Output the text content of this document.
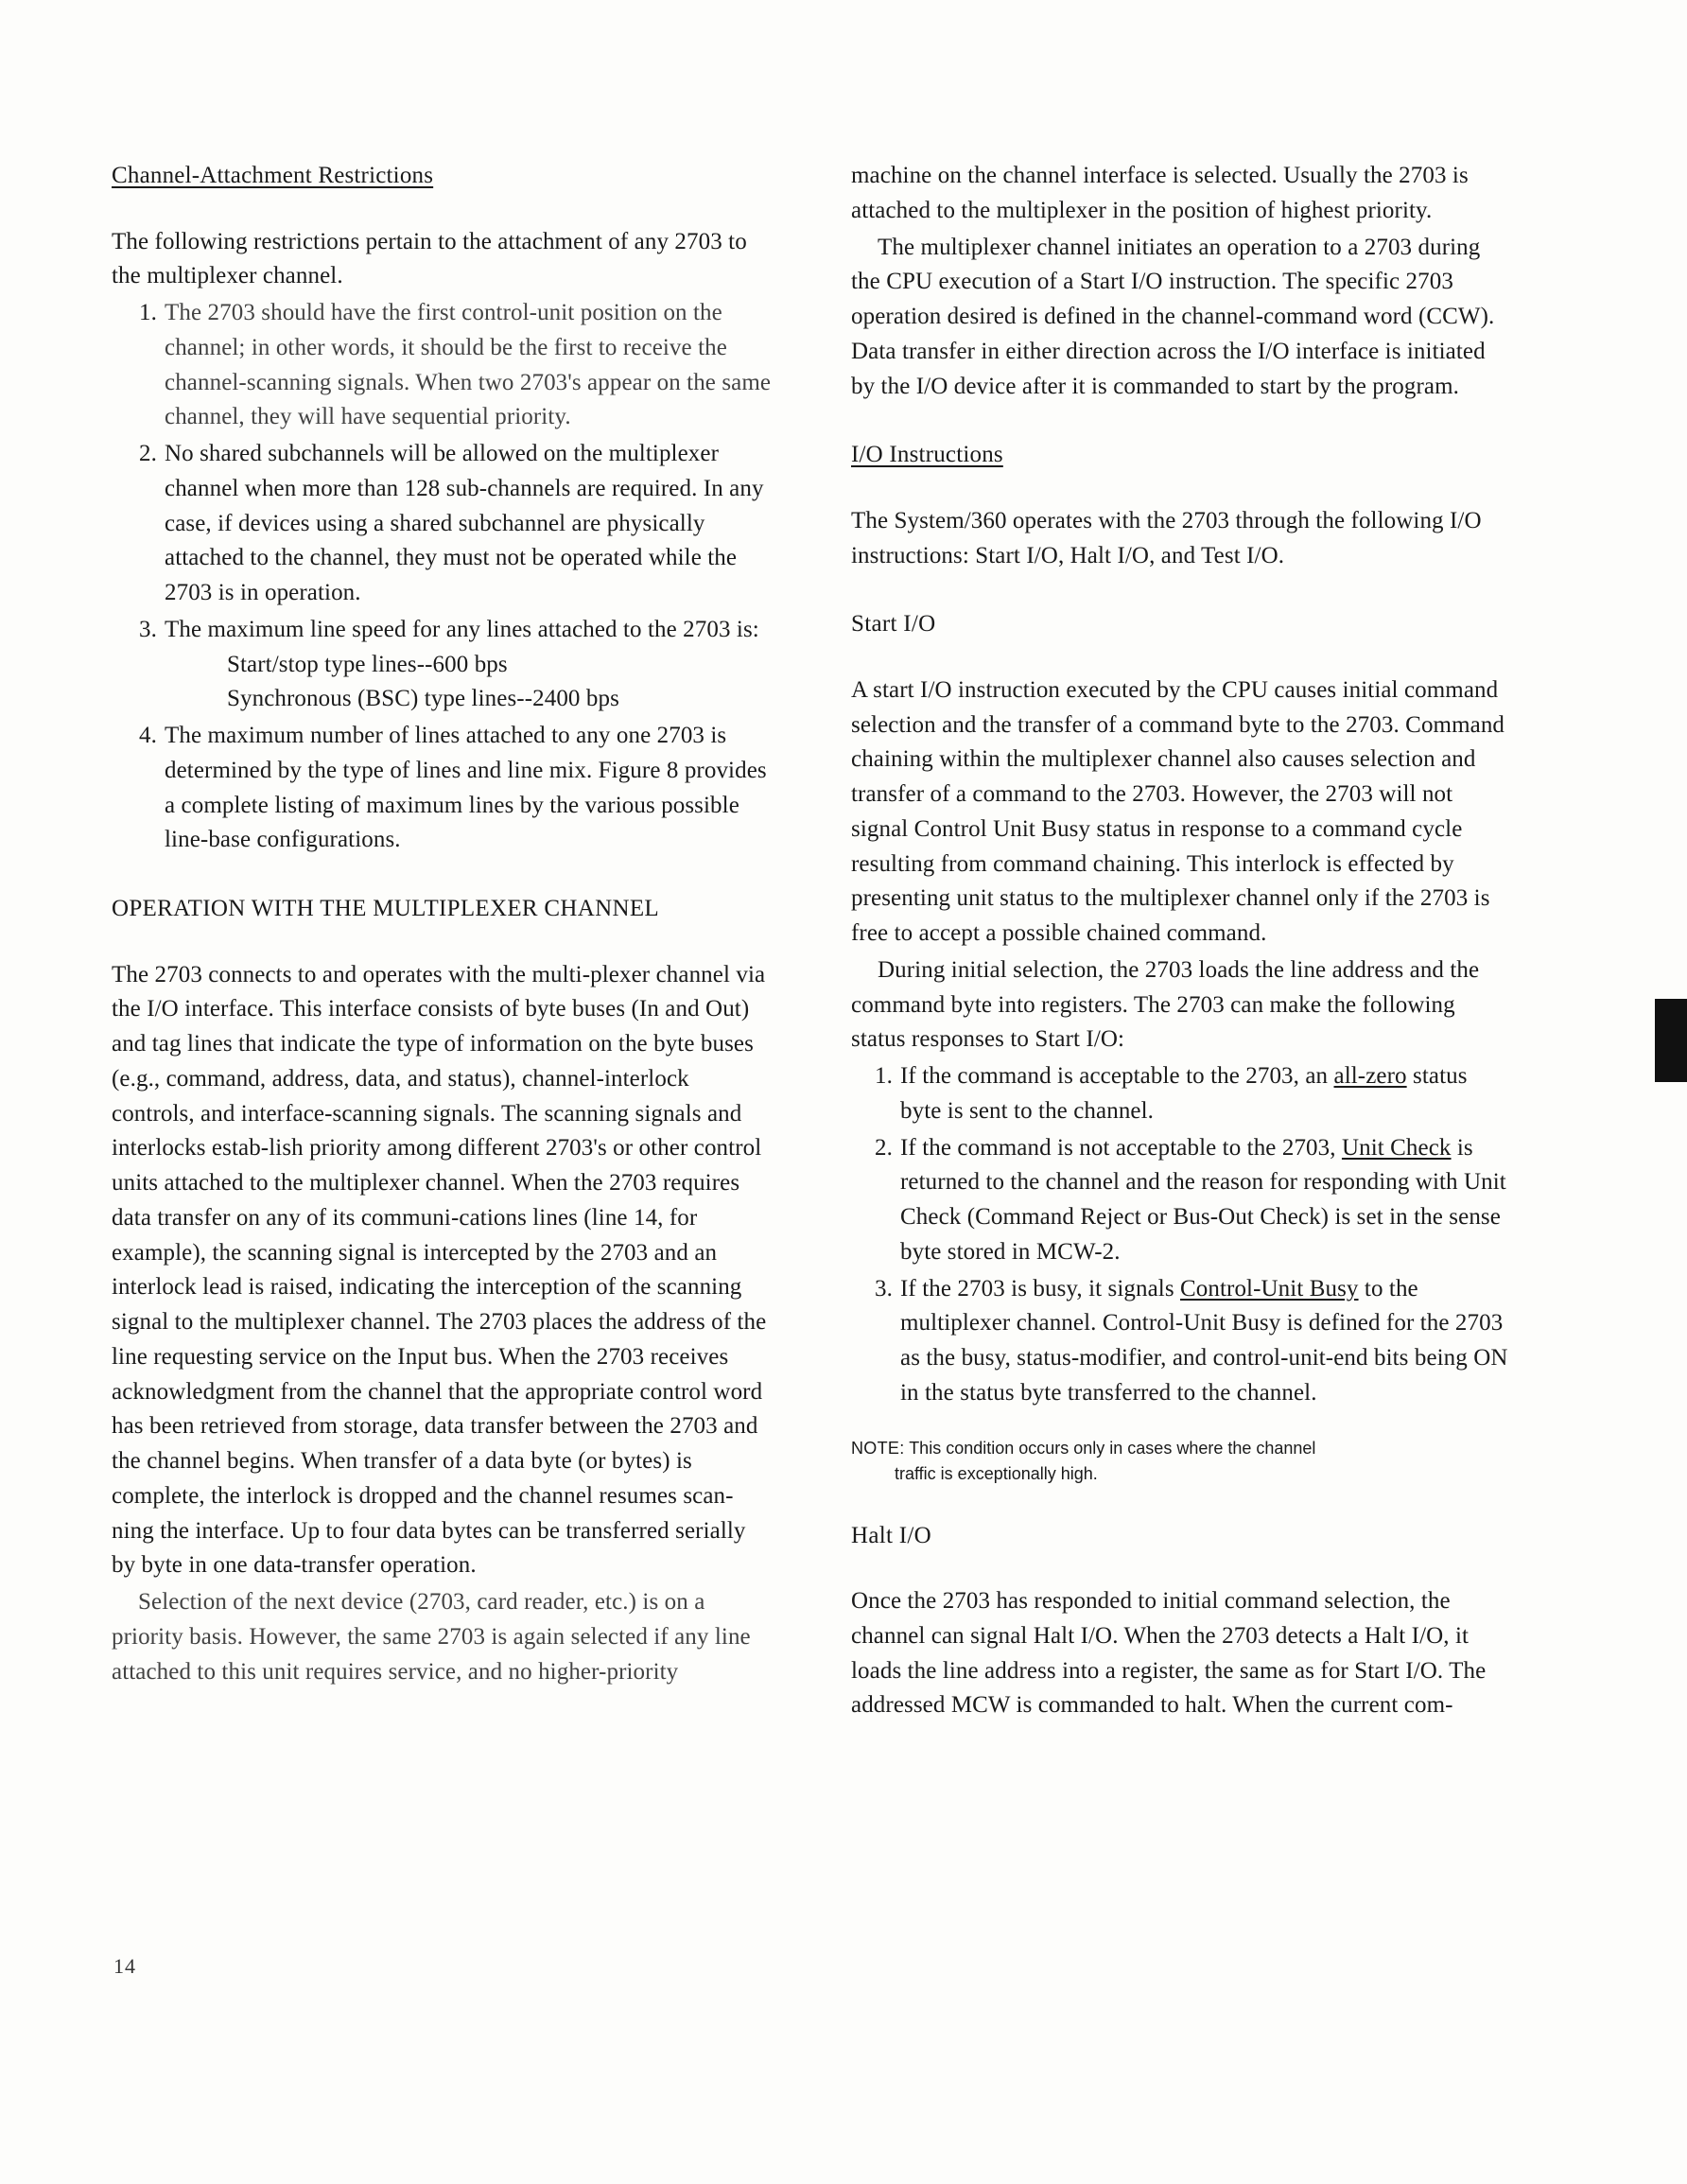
Channel-Attachment Restrictions

The following restrictions pertain to the attachment of any 2703 to the multiplexer channel.

1. The 2703 should have the first control-unit position on the channel; in other words, it should be the first to receive the channel-scanning signals. When two 2703's appear on the same channel, they will have sequential priority.
2. No shared subchannels will be allowed on the multiplexer channel when more than 128 sub-channels are required. In any case, if devices using a shared subchannel are physically attached to the channel, they must not be operated while the 2703 is in operation.
3. The maximum line speed for any lines attached to the 2703 is:
Start/stop type lines--600 bps
Synchronous (BSC) type lines--2400 bps
4. The maximum number of lines attached to any one 2703 is determined by the type of lines and line mix. Figure 8 provides a complete listing of maximum lines by the various possible line-base configurations.

OPERATION WITH THE MULTIPLEXER CHANNEL

The 2703 connects to and operates with the multi-plexer channel via the I/O interface. This interface consists of byte buses (In and Out) and tag lines that indicate the type of information on the byte buses (e.g., command, address, data, and status), channel-interlock controls, and interface-scanning signals. The scanning signals and interlocks estab-lish priority among different 2703's or other control units attached to the multiplexer channel. When the 2703 requires data transfer on any of its communi-cations lines (line 14, for example), the scanning signal is intercepted by the 2703 and an interlock lead is raised, indicating the interception of the scanning signal to the multiplexer channel. The 2703 places the address of the line requesting service on the Input bus. When the 2703 receives acknowledgment from the channel that the appropriate control word has been retrieved from storage, data transfer between the 2703 and the channel begins. When transfer of a data byte (or bytes) is complete, the interlock is dropped and the channel resumes scan-ning the interface. Up to four data bytes can be transferred serially by byte in one data-transfer operation.

Selection of the next device (2703, card reader, etc.) is on a priority basis. However, the same 2703 is again selected if any line attached to this unit requires service, and no higher-priority

machine on the channel interface is selected. Usually the 2703 is attached to the multiplexer in the position of highest priority.

The multiplexer channel initiates an operation to a 2703 during the CPU execution of a Start I/O instruction. The specific 2703 operation desired is defined in the channel-command word (CCW). Data transfer in either direction across the I/O interface is initiated by the I/O device after it is commanded to start by the program.

I/O Instructions

The System/360 operates with the 2703 through the following I/O instructions: Start I/O, Halt I/O, and Test I/O.

Start I/O

A start I/O instruction executed by the CPU causes initial command selection and the transfer of a command byte to the 2703. Command chaining within the multiplexer channel also causes selection and transfer of a command to the 2703. However, the 2703 will not signal Control Unit Busy status in response to a command cycle resulting from command chaining. This interlock is effected by presenting unit status to the multiplexer channel only if the 2703 is free to accept a possible chained command.

During initial selection, the 2703 loads the line address and the command byte into registers. The 2703 can make the following status responses to Start I/O:

1. If the command is acceptable to the 2703, an all-zero status byte is sent to the channel.
2. If the command is not acceptable to the 2703, Unit Check is returned to the channel and the reason for responding with Unit Check (Command Reject or Bus-Out Check) is set in the sense byte stored in MCW-2.
3. If the 2703 is busy, it signals Control-Unit Busy to the multiplexer channel. Control-Unit Busy is defined for the 2703 as the busy, status-modifier, and control-unit-end bits being ON in the status byte transferred to the channel.

NOTE: This condition occurs only in cases where the channel
traffic is exceptionally high.

Halt I/O

Once the 2703 has responded to initial command selection, the channel can signal Halt I/O. When the 2703 detects a Halt I/O, it loads the line address into a register, the same as for Start I/O. The addressed MCW is commanded to halt. When the current com-

14
